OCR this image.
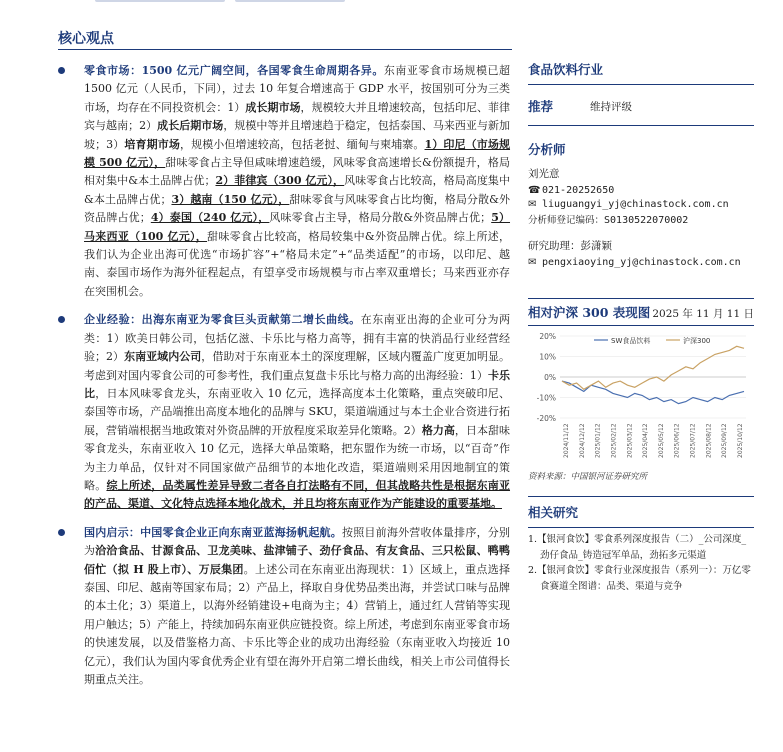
核心观点

零食市场：1500 亿元广阔空间，各国零食生命周期各异。东南亚零食市场规模已超 1500 亿元（人民币，下同），过去 10 年复合增速高于 GDP 水平，按国别可分为三类市场，均存在不同投资机会：1）成长期市场，规模较大并且增速较高，包括印尼、菲律宾与越南；2）成长后期市场，规模中等并且增速趋于稳定，包括泰国、马来西亚与新加坡；3）培育期市场，规模小但增速较高，包括老挝、缅甸与柬埔寨。1）印尼（市场规模 500 亿元），甜味零食占主导但咸味增速趋缓，风味零食高速增长&份额提升，格局相对集中&本土品牌占优；2）菲律宾（300 亿元），风味零食占比较高，格局高度集中&本土品牌占优；3）越南（150 亿元），甜味零食与风味零食占比均衡，格局分散&外资品牌占优；4）泰国（240 亿元），风味零食占主导，格局分散&外资品牌占优；5）马来西亚（100 亿元），甜味零食占比较高，格局较集中&外资品牌占优。综上所述，我们认为企业出海可优选“市场扩容”+“格局未定”+“品类适配”的市场，以印尼、越南、泰国市场作为海外征程起点，有望享受市场规模与市占率双重增长；马来西亚亦存在突围机会。

企业经验：出海东南亚为零食巨头贡献第二增长曲线。在东南亚出海的企业可分为两类：1）欧美日韩公司，包括亿滋、卡乐比与格力高等，拥有丰富的快消品行业经营经验；2）东南亚域内公司，借助对于东南亚本土的深度理解，区域内覆盖广度更加明显。考虑到对国内零食公司的可参考性，我们重点复盘卡乐比与格力高的出海经验：1）卡乐比，日本风味零食龙头，东南亚收入 10 亿元，选择高度本土化策略，重点突破印尼、泰国等市场，产品端推出高度本地化的品牌与 SKU，渠道端通过与本土企业合资进行拓展，营销端根据当地政策对外资品牌的开放程度采取差异化策略。2）格力高，日本甜味零食龙头，东南亚收入 10 亿元，选择大单品策略，把东盟作为统一市场，以“百奇”作为主力单品，仅针对不同国家做产品细节的本地化改造，渠道端则采用因地制宜的策略。综上所述，品类属性差异导致二者各自打法略有不同，但其战略共性是根据东南亚的产品、渠道、文化特点选择本地化战术，并且均将东南亚作为产能建设的重要基地。

国内启示：中国零食企业正向东南亚蓝海扬帆起航。按照目前海外营收体量排序，分别为洽洽食品、甘源食品、卫龙美味、盐津铺子、劲仔食品、有友食品、三只松鼠、鸭鸭佰忙（拟 H 股上市）、万辰集团。上述公司在东南亚出海现状：1）区域上，重点选择泰国、印尼、越南等国家布局；2）产品上，择取自身优势品类出海，并尝试口味与品牌的本土化；3）渠道上，以海外经销建设+电商为主；4）营销上，通过红人营销等实现用户触达；5）产能上，持续加码东南亚供应链投资。综上所述，考虑到东南亚零食市场的快速发展，以及借鉴格力高、卡乐比等企业的成功出海经验（东南亚收入均接近 10 亿元），我们认为国内零食优秀企业有望在海外开启第二增长曲线，相关上市公司值得长期重点关注。

食品饮料行业
推荐	维持评级
分析师
刘光意
☎ 021-20252650
✉ liuguangyi_yj@chinastock.com.cn
分析师登记编码：S0130522070002
研究助理：彭潇颖
✉ pengxiaoying_yj@chinastock.com.cn
相对沪深 300 表现图 2025 年 11 月 11 日
20%
10%
0%
-10%
-20%
2024/11/12 2024/12/12 2025/01/12 2025/02/12 2025/03/12 2025/04/12 2025/05/12 2025/06/12 2025/07/12 2025/08/12 2025/09/12 2025/10/12
SW食品饮料	沪深300
资料来源：中国银河证券研究所
相关研究
1.【银河食饮】零食系列深度报告（二）_公司深度_劲仔食品_铸造冠军单品，劲拓多元渠道
2.【银河食饮】零食行业深度报告（系列一）：万亿零食赛道全图谱：品类、渠道与竞争
